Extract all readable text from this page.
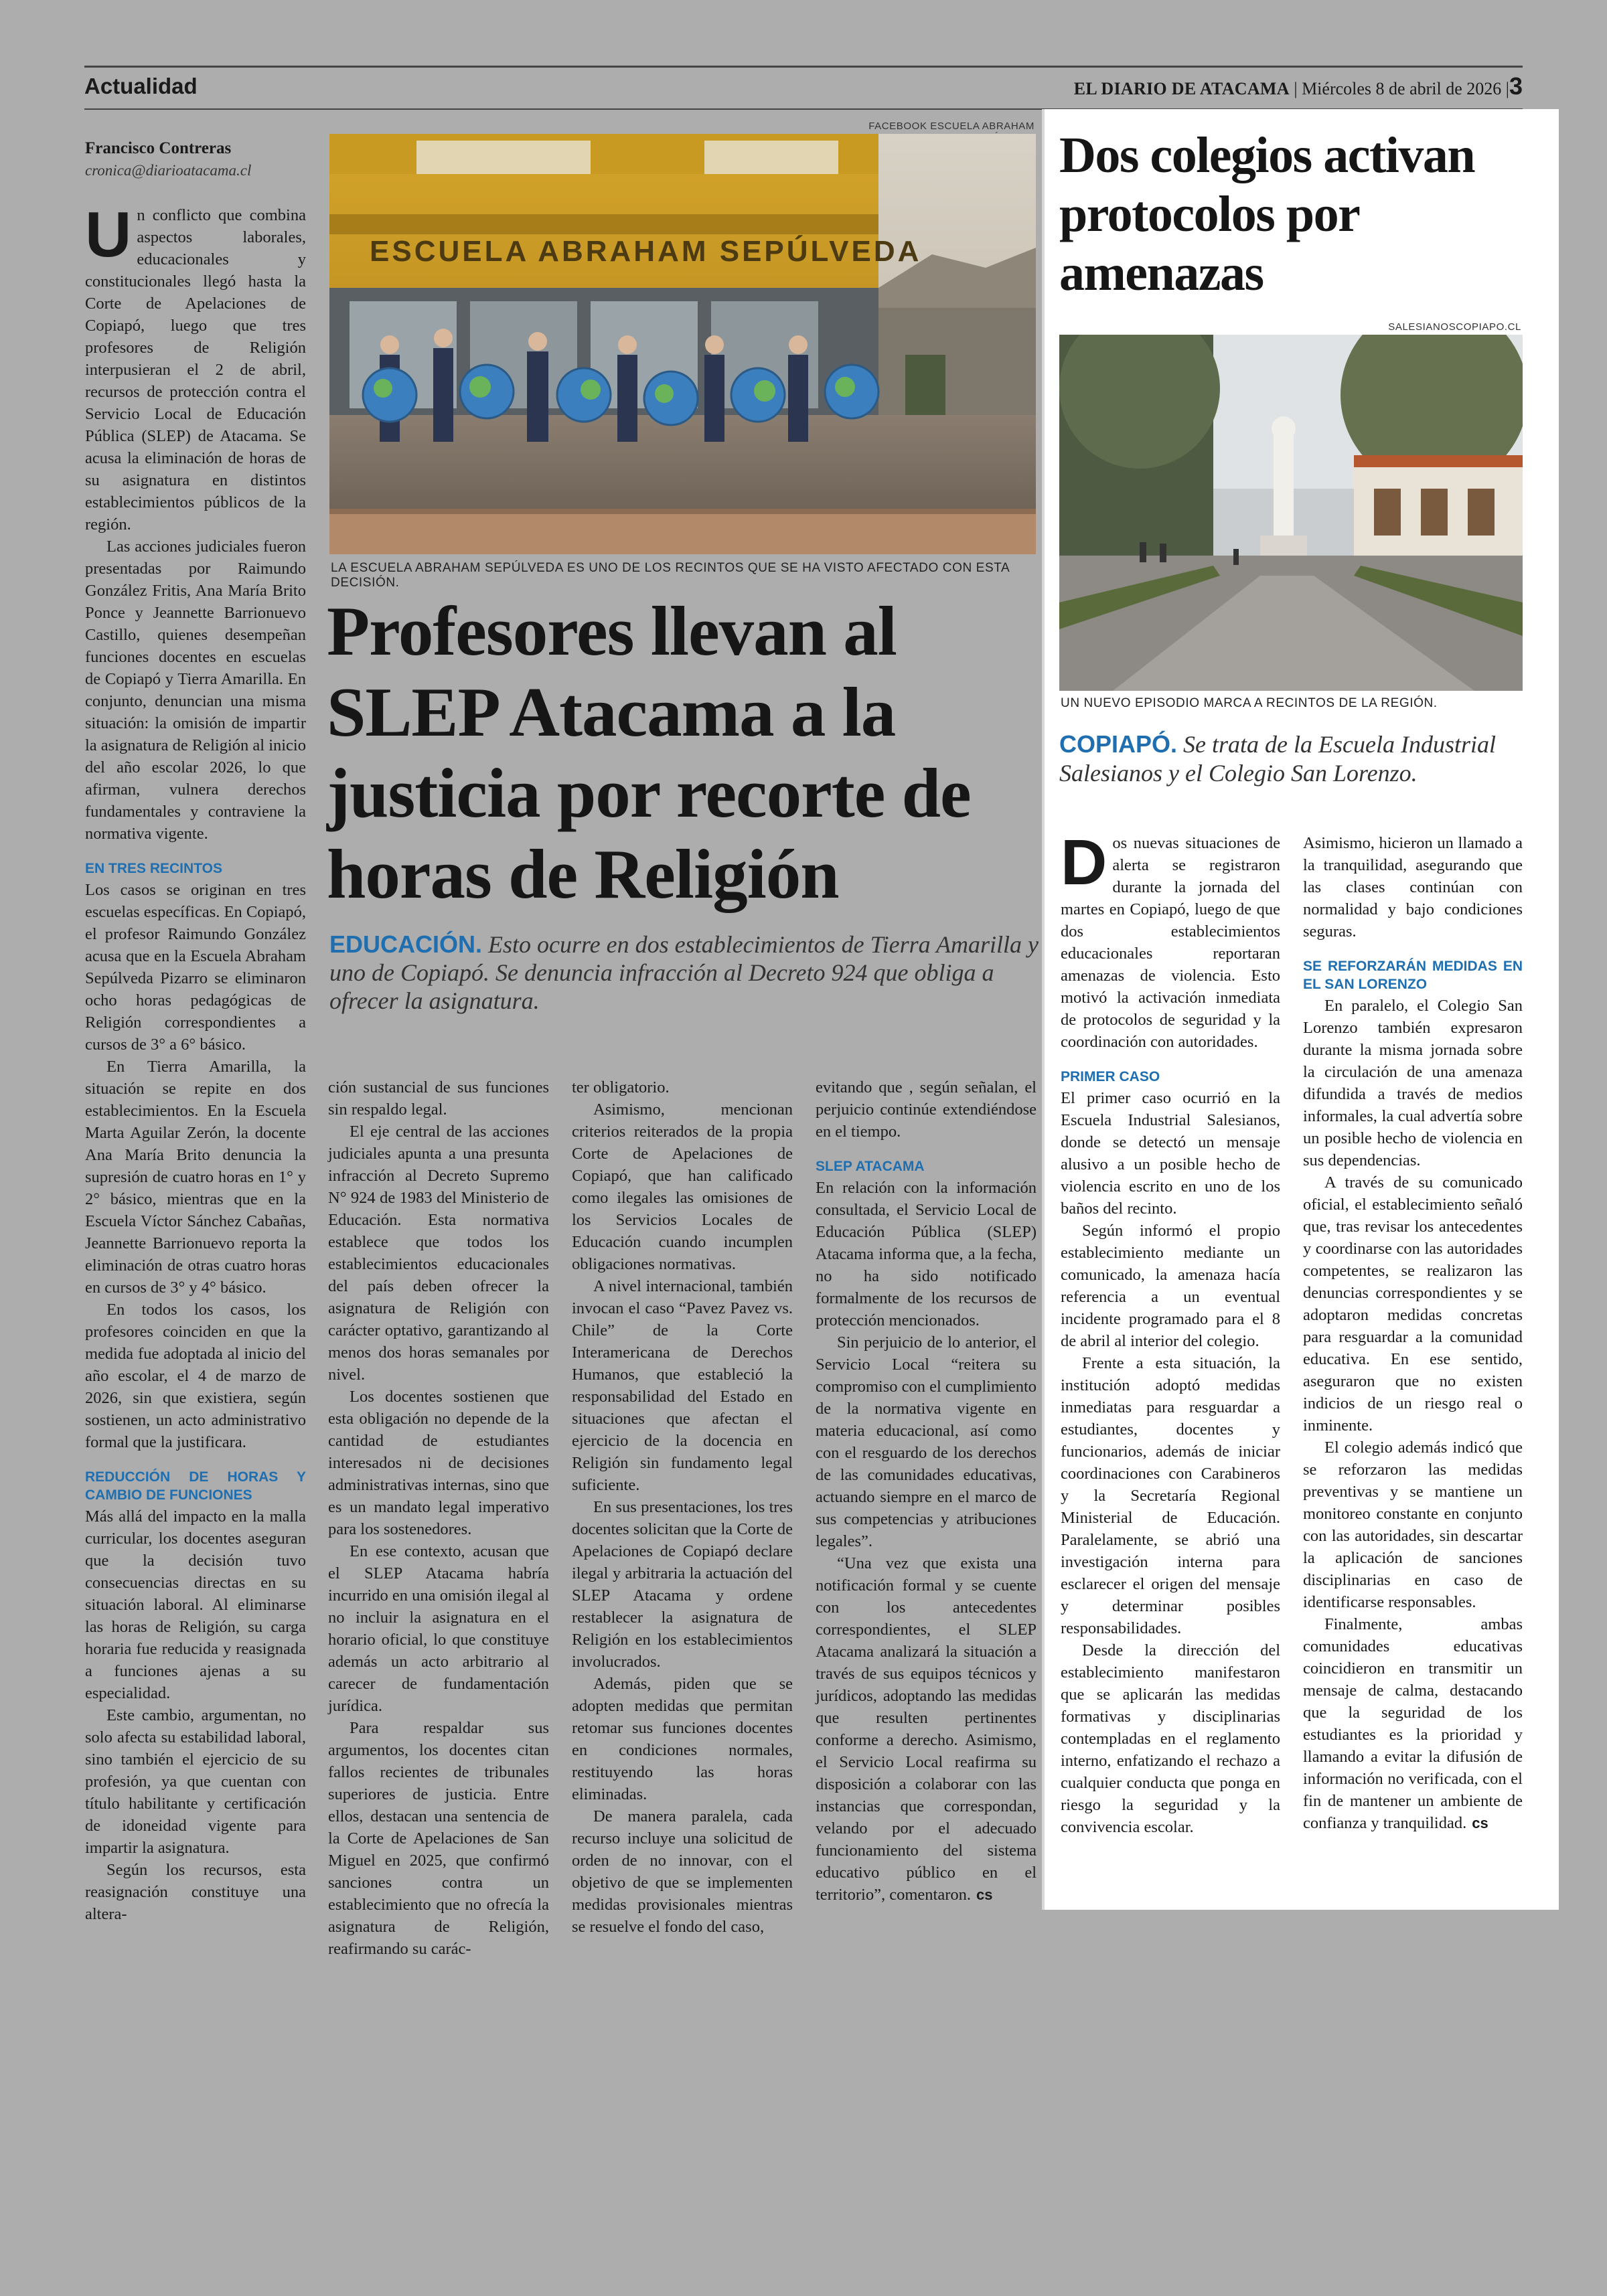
Actualidad	EL DIARIO DE ATACAMA | Miércoles 8 de abril de 2026 |3
Francisco Contreras
cronica@diarioatacama.cl

Un conflicto que combina aspectos laborales, educacionales y constitucionales llegó hasta la Corte de Apelaciones de Copiapó, luego que tres profesores de Religión interpusieran el 2 de abril, recursos de protección contra el Servicio Local de Educación Pública (SLEP) de Atacama. Se acusa la eliminación de horas de su asignatura en distintos establecimientos públicos de la región.

Las acciones judiciales fueron presentadas por Raimundo González Fritis, Ana María Brito Ponce y Jeannette Barrionuevo Castillo, quienes desempeñan funciones docentes en escuelas de Copiapó y Tierra Amarilla. En conjunto, denuncian una misma situación: la omisión de impartir la asignatura de Religión al inicio del año escolar 2026, lo que afirman, vulnera derechos fundamentales y contraviene la normativa vigente.

EN TRES RECINTOS

Los casos se originan en tres escuelas específicas. En Copiapó, el profesor Raimundo González acusa que en la Escuela Abraham Sepúlveda Pizarro se eliminaron ocho horas pedagógicas de Religión correspondientes a cursos de 3° a 6° básico.

En Tierra Amarilla, la situación se repite en dos establecimientos. En la Escuela Marta Aguilar Zerón, la docente Ana María Brito denuncia la supresión de cuatro horas en 1° y 2° básico, mientras que en la Escuela Víctor Sánchez Cabañas, Jeannette Barrionuevo reporta la eliminación de otras cuatro horas en cursos de 3° y 4° básico.

En todos los casos, los profesores coinciden en que la medida fue adoptada al inicio del año escolar, el 4 de marzo de 2026, sin que existiera, según sostienen, un acto administrativo formal que la justificara.

REDUCCIÓN DE HORAS Y CAMBIO DE FUNCIONES

Más allá del impacto en la malla curricular, los docentes aseguran que la decisión tuvo consecuencias directas en su situación laboral. Al eliminarse las horas de Religión, su carga horaria fue reducida y reasignada a funciones ajenas a su especialidad.

Este cambio, argumentan, no solo afecta su estabilidad laboral, sino también el ejercicio de su profesión, ya que cuentan con título habilitante y certificación de idoneidad vigente para impartir la asignatura.

Según los recursos, esta reasignación constituye una altera-

FACEBOOK ESCUELA ABRAHAM
ESCUELA ABRAHAM SEPÚLVEDA
LA ESCUELA ABRAHAM SEPÚLVEDA ES UNO DE LOS RECINTOS QUE SE HA VISTO AFECTADO CON ESTA DECISIÓN.
Profesores llevan al SLEP Atacama a la justicia por recorte de horas de Religión
EDUCACIÓN. Esto ocurre en dos establecimientos de Tierra Amarilla y uno de Copiapó. Se denuncia infracción al Decreto 924 que obliga a ofrecer la asignatura.

ción sustancial de sus funciones sin respaldo legal.

El eje central de las acciones judiciales apunta a una presunta infracción al Decreto Supremo N° 924 de 1983 del Ministerio de Educación. Esta normativa establece que todos los establecimientos educacionales del país deben ofrecer la asignatura de Religión con carácter optativo, garantizando al menos dos horas semanales por nivel.

Los docentes sostienen que esta obligación no depende de la cantidad de estudiantes interesados ni de decisiones administrativas internas, sino que es un mandato legal imperativo para los sostenedores.

En ese contexto, acusan que el SLEP Atacama habría incurrido en una omisión ilegal al no incluir la asignatura en el horario oficial, lo que constituye además un acto arbitrario al carecer de fundamentación jurídica.

Para respaldar sus argumentos, los docentes citan fallos recientes de tribunales superiores de justicia. Entre ellos, destacan una sentencia de la Corte de Apelaciones de San Miguel en 2025, que confirmó sanciones contra un establecimiento que no ofrecía la asignatura de Religión, reafirmando su carác-

ter obligatorio.

Asimismo, mencionan criterios reiterados de la propia Corte de Apelaciones de Copiapó, que han calificado como ilegales las omisiones de los Servicios Locales de Educación cuando incumplen obligaciones normativas.

A nivel internacional, también invocan el caso “Pavez Pavez vs. Chile” de la Corte Interamericana de Derechos Humanos, que estableció la responsabilidad del Estado en situaciones que afectan el ejercicio de la docencia en Religión sin fundamento legal suficiente.

En sus presentaciones, los tres docentes solicitan que la Corte de Apelaciones de Copiapó declare ilegal y arbitraria la actuación del SLEP Atacama y ordene restablecer la asignatura de Religión en los establecimientos involucrados.

Además, piden que se adopten medidas que permitan retomar sus funciones docentes en condiciones normales, restituyendo las horas eliminadas.

De manera paralela, cada recurso incluye una solicitud de orden de no innovar, con el objetivo de que se implementen medidas provisionales mientras se resuelve el fondo del caso,

evitando que , según señalan, el perjuicio continúe extendiéndose en el tiempo.

SLEP ATACAMA

En relación con la información consultada, el Servicio Local de Educación Pública (SLEP) Atacama informa que, a la fecha, no ha sido notificado formalmente de los recursos de protección mencionados.

Sin perjuicio de lo anterior, el Servicio Local “reitera su compromiso con el cumplimiento de la normativa vigente en materia educacional, así como con el resguardo de los derechos de las comunidades educativas, actuando siempre en el marco de sus competencias y atribuciones legales”.

“Una vez que exista una notificación formal y se cuente con los antecedentes correspondientes, el SLEP Atacama analizará la situación a través de sus equipos técnicos y jurídicos, adoptando las medidas que resulten pertinentes conforme a derecho. Asimismo, el Servicio Local reafirma su disposición a colaborar con las instancias que correspondan, velando por el adecuado funcionamiento del sistema educativo público en el territorio”, comentaron. cs

Dos colegios activan protocolos por amenazas
SALESIANOSCOPIAPO.CL
UN NUEVO EPISODIO MARCA A RECINTOS DE LA REGIÓN.
COPIAPÓ. Se trata de la Escuela Industrial Salesianos y el Colegio San Lorenzo.

Dos nuevas situaciones de alerta se registraron durante la jornada del martes en Copiapó, luego de que dos establecimientos educacionales reportaran amenazas de violencia. Esto motivó la activación inmediata de protocolos de seguridad y la coordinación con autoridades.

PRIMER CASO

El primer caso ocurrió en la Escuela Industrial Salesianos, donde se detectó un mensaje alusivo a un posible hecho de violencia escrito en uno de los baños del recinto.

Según informó el propio establecimiento mediante un comunicado, la amenaza hacía referencia a un eventual incidente programado para el 8 de abril al interior del colegio.

Frente a esta situación, la institución adoptó medidas inmediatas para resguardar a estudiantes, docentes y funcionarios, además de iniciar coordinaciones con Carabineros y la Secretaría Regional Ministerial de Educación. Paralelamente, se abrió una investigación interna para esclarecer el origen del mensaje y determinar posibles responsabilidades.

Desde la dirección del establecimiento manifestaron que se aplicarán las medidas formativas y disciplinarias contempladas en el reglamento interno, enfatizando el rechazo a cualquier conducta que ponga en riesgo la seguridad y la convivencia escolar.

Asimismo, hicieron un llamado a la tranquilidad, asegurando que las clases continúan con normalidad y bajo condiciones seguras.

SE REFORZARÁN MEDIDAS EN EL SAN LORENZO

En paralelo, el Colegio San Lorenzo también expresaron durante la misma jornada sobre la circulación de una amenaza difundida a través de medios informales, la cual advertía sobre un posible hecho de violencia en sus dependencias.

A través de su comunicado oficial, el establecimiento señaló que, tras revisar los antecedentes y coordinarse con las autoridades competentes, se realizaron las denuncias correspondientes y se adoptaron medidas concretas para resguardar a la comunidad educativa. En ese sentido, aseguraron que no existen indicios de un riesgo real o inminente.

El colegio además indicó que se reforzaron las medidas preventivas y se mantiene un monitoreo constante en conjunto con las autoridades, sin descartar la aplicación de sanciones disciplinarias en caso de identificarse responsables.

Finalmente, ambas comunidades educativas coincidieron en transmitir un mensaje de calma, destacando que la seguridad de los estudiantes es la prioridad y llamando a evitar la difusión de información no verificada, con el fin de mantener un ambiente de confianza y tranquilidad. cs
